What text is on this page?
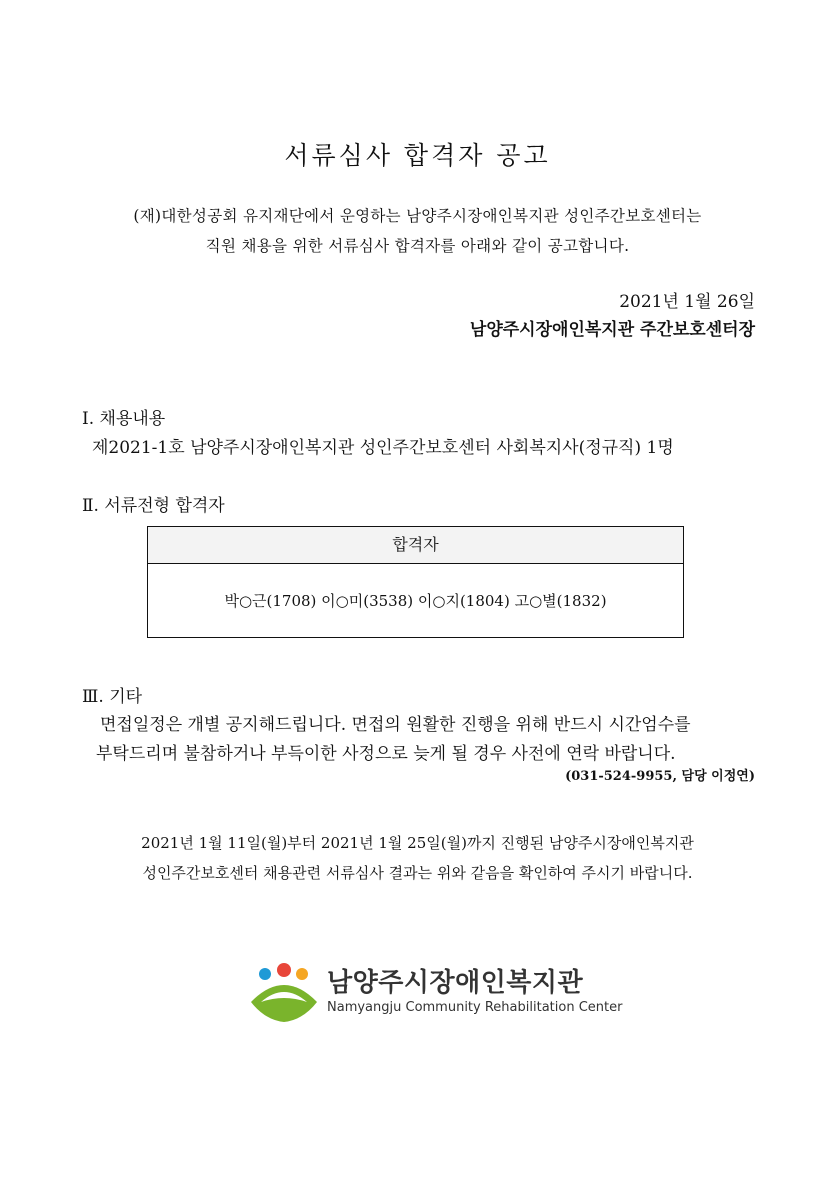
서류심사 합격자 공고
(재)대한성공회 유지재단에서 운영하는 남양주시장애인복지관 성인주간보호센터는
직원 채용을 위한 서류심사 합격자를 아래와 같이 공고합니다.
2021년 1월 26일
남양주시장애인복지관 주간보호센터장
Ⅰ. 채용내용
제2021-1호 남양주시장애인복지관 성인주간보호센터 사회복지사(정규직) 1명
Ⅱ. 서류전형 합격자
합격자
박○근(1708) 이○미(3538) 이○지(1804) 고○별(1832)
Ⅲ. 기타
면접일정은 개별 공지해드립니다. 면접의 원활한 진행을 위해 반드시 시간엄수를
부탁드리며 불참하거나 부득이한 사정으로 늦게 될 경우 사전에 연락 바랍니다.
(031-524-9955, 담당 이정연)
2021년 1월 11일(월)부터 2021년 1월 25일(월)까지 진행된 남양주시장애인복지관
성인주간보호센터 채용관련 서류심사 결과는 위와 같음을 확인하여 주시기 바랍니다.
남양주시장애인복지관
Namyangju Community Rehabilitation Center
